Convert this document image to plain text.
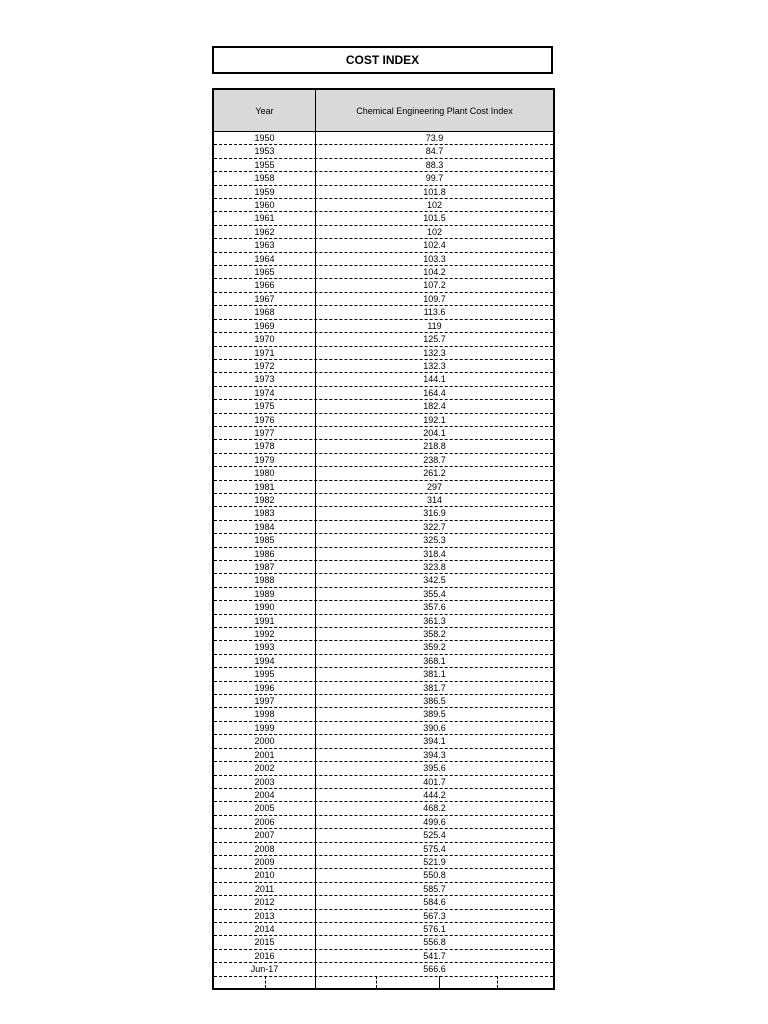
COST INDEX
Year	Chemical Engineering Plant Cost Index
1950	73.9
1953	84.7
1955	88.3
1958	99.7
1959	101.8
1960	102
1961	101.5
1962	102
1963	102.4
1964	103.3
1965	104.2
1966	107.2
1967	109.7
1968	113.6
1969	119
1970	125.7
1971	132.3
1972	132.3
1973	144.1
1974	164.4
1975	182.4
1976	192.1
1977	204.1
1978	218.8
1979	238.7
1980	261.2
1981	297
1982	314
1983	316.9
1984	322.7
1985	325.3
1986	318.4
1987	323.8
1988	342.5
1989	355.4
1990	357.6
1991	361.3
1992	358.2
1993	359.2
1994	368.1
1995	381.1
1996	381.7
1997	386.5
1998	389.5
1999	390.6
2000	394.1
2001	394.3
2002	395.6
2003	401.7
2004	444.2
2005	468.2
2006	499.6
2007	525.4
2008	575.4
2009	521.9
2010	550.8
2011	585.7
2012	584.6
2013	567.3
2014	576.1
2015	556.8
2016	541.7
Jun-17	566.6
